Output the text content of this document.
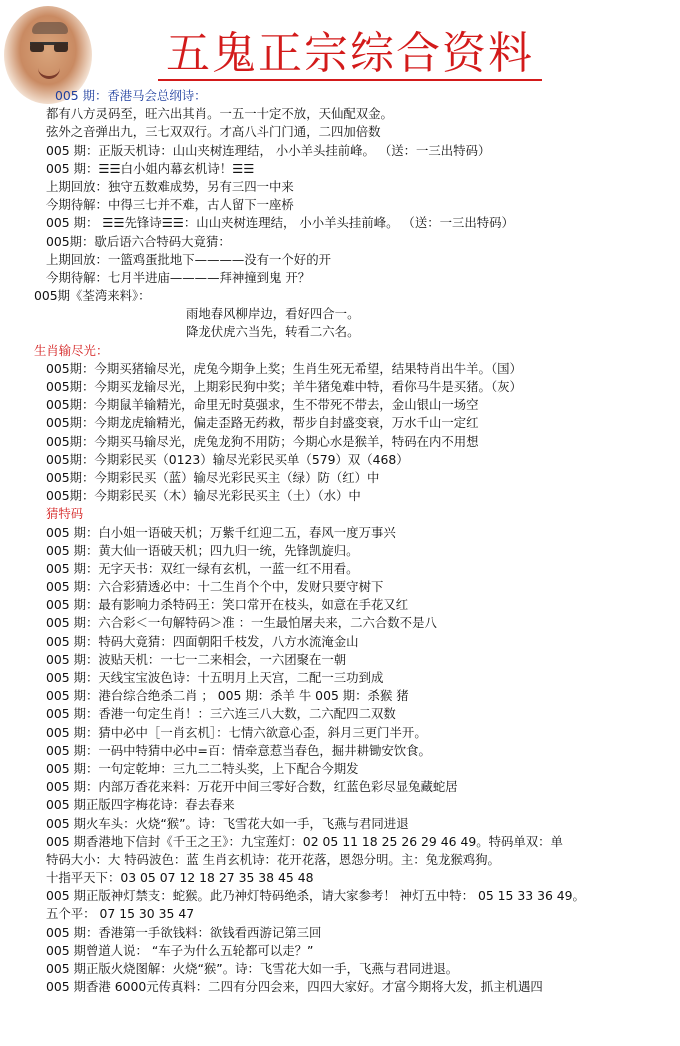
五鬼正宗综合资料
005 期：香港马会总纲诗：
都有八方灵码至，旺六出其肖。一五一十定不放，天仙配双金。
弦外之音弹出九，三七双双行。才高八斗门门通，二四加倍数
005 期：正版天机诗：山山夹树连理结， 小小羊头挂前峰。 （送：一三出特码）
005 期：☰☰白小姐内幕玄机诗！☰☰
上期回放：独守五数难成势，另有三四一中来
今期待解：中得三七并不难，古人留下一座桥
005 期： ☰☰先锋诗☰☰：山山夹树连理结， 小小羊头挂前峰。 （送：一三出特码）
005期：歇后语六合特码大竟猜：
上期回放：一篮鸡蛋批地下————没有一个好的开
今期待解：七月半进庙————拜神撞到鬼 开？
005期《荃湾来料》：
雨地春风柳岸边，看好四合一。
降龙伏虎六当先，转看二六名。
生肖输尽光：
005期：今期买猪输尽光，虎兔今期争上奖；生肖生死无希望，结果特肖出牛羊。（国）
005期：今期买龙输尽光，上期彩民狗中奖；羊牛猪兔难中特，看你马牛是买猪。（灰）
005期：今期鼠羊输精光，命里无时莫强求，生不带死不带去，金山银山一场空
005期：今期龙虎输精光，偏走歪路无药救，帮步自封盛变衰，万水千山一定红
005期：今期买马输尽光，虎兔龙狗不用防；今期心水是猴羊，特码在内不用想
005期：今期彩民买（0123）输尽光彩民买单（579）双（468）
005期：今期彩民买（蓝）输尽光彩民买主（绿）防（红）中
005期：今期彩民买（木）输尽光彩民买主（土）（水）中
猜特码
005 期：白小姐一语破天机；万紫千红迎二五，春风一度万事兴
005 期：黄大仙一语破天机；四九归一统，先锋凯旋归。
005 期：无字天书：双红一绿有玄机，一蓝一红不用看。
005 期：六合彩猜透必中：十二生肖个个中，发财只要守树下
005 期：最有影响力杀特码王：笑口常开在枝头，如意在手花又红
005 期：六合彩＜一句解特码＞准 ：一生最怕屠夫来，二六合数不是八
005 期：特码大竟猜：四面朝阳千枝发，八方水流淹金山
005 期：波贴天机：一七一二来相会，一六团聚在一朝
005 期：天线宝宝波色诗：十五明月上天宫，二配一三功到成
005 期：港台综合绝杀二肖 ； 005 期：杀羊 牛 005 期：杀猴 猪
005 期：香港一句定生肖！：三六连三八大数，二六配四二双数
005 期：猜中必中［一肖玄机］：七情六欲意心歪，斜月三更门半开。
005 期：一码中特猜中必中=百：情牵意惹当春色，掘井耕锄安饮食。
005 期：一句定乾坤：三九二二特头奖，上下配合今期发
005 期：内部万香花来料：万花开中间三零好合数，红蓝色彩尽显兔藏蛇居
005 期正版四字梅花诗：春去春来
005 期火车头：火烧“猴”。诗：飞雪花大如一手，飞燕与君同进退
005 期香港地下信封《千王之王》：九宝莲灯：02 05 11 18 25 26 29 46 49。特码单双：单
特码大小：大 特码波色：蓝 生肖玄机诗：花开花落，恩怨分明。主：兔龙猴鸡狗。
十指平天下：03 05 07 12 18 27 35 38 45 48
005 期正版神灯禁支：蛇猴。此乃神灯特码绝杀，请大家参考！ 神灯五中特： 05 15 33 36 49。
五个平： 07 15 30 35 47
005 期：香港第一手欲钱料：欲钱看西游记第三回
005 期曾道人说： “车子为什么五轮都可以走？”
005 期正版火烧图解：火烧“猴”。诗：飞雪花大如一手，飞燕与君同进退。
005 期香港 6000元传真料：二四有分四会来，四四大家好。才富今期将大发，抓主机遇四
